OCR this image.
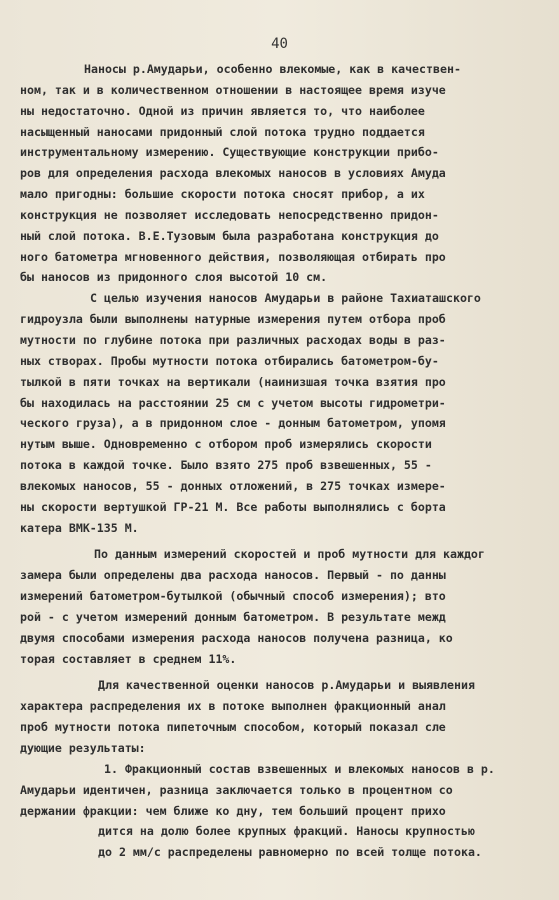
40
Наносы р.Амударьи, особенно влекомые, как в качествен-
ном, так и в количественном отношении в настоящее время изуче
ны недостаточно. Одной из причин является то, что наиболее
насыщенный наносами придонный слой потока трудно поддается
инструментальному измерению. Существующие конструкции прибо-
ров для определения расхода влекомых наносов в условиях Амуда
мало пригодны: большие скорости потока сносят прибор, а их
конструкция не позволяет исследовать непосредственно придон-
ный слой потока. В.Е.Тузовым была разработана конструкция до
ного батометра мгновенного действия, позволяющая отбирать про
бы наносов из придонного слоя высотой 10 см.
С целью изучения наносов Амударьи в районе Тахиаташского
гидроузла были выполнены натурные измерения путем отбора проб
мутности по глубине потока при различных расходах воды в раз-
ных створах. Пробы мутности потока отбирались батометром-бу-
тылкой в пяти точках на вертикали (наинизшая точка взятия про
бы находилась на расстоянии 25 см с учетом высоты гидрометри-
ческого груза), а в придонном слое - донным батометром, упомя
нутым выше. Одновременно с отбором проб измерялись скорости
потока в каждой точке. Было взято 275 проб взвешенных, 55 -
влекомых наносов, 55 - донных отложений, в 275 точках измере-
ны скорости вертушкой ГР-21 М. Все работы выполнялись с борта
катера ВМК-135 М.
По данным измерений скоростей и проб мутности для каждог
замера были определены два расхода наносов. Первый - по данны
измерений батометром-бутылкой (обычный способ измерения); вто
рой - с учетом измерений донным батометром. В результате межд
двумя способами измерения расхода наносов получена разница, ко
торая составляет в среднем 11%.
Для качественной оценки наносов р.Амударьи и выявления
характера распределения их в потоке выполнен фракционный анал
проб мутности потока пипеточным способом, который показал сле
дующие результаты:
1. Фракционный состав взвешенных и влекомых наносов в р.
Амударьи идентичен, разница заключается только в процентном со
держании фракции: чем ближе ко дну, тем больший процент прихо
дится на долю более крупных фракций. Наносы крупностью
до 2 мм/с распределены равномерно по всей толще потока.
